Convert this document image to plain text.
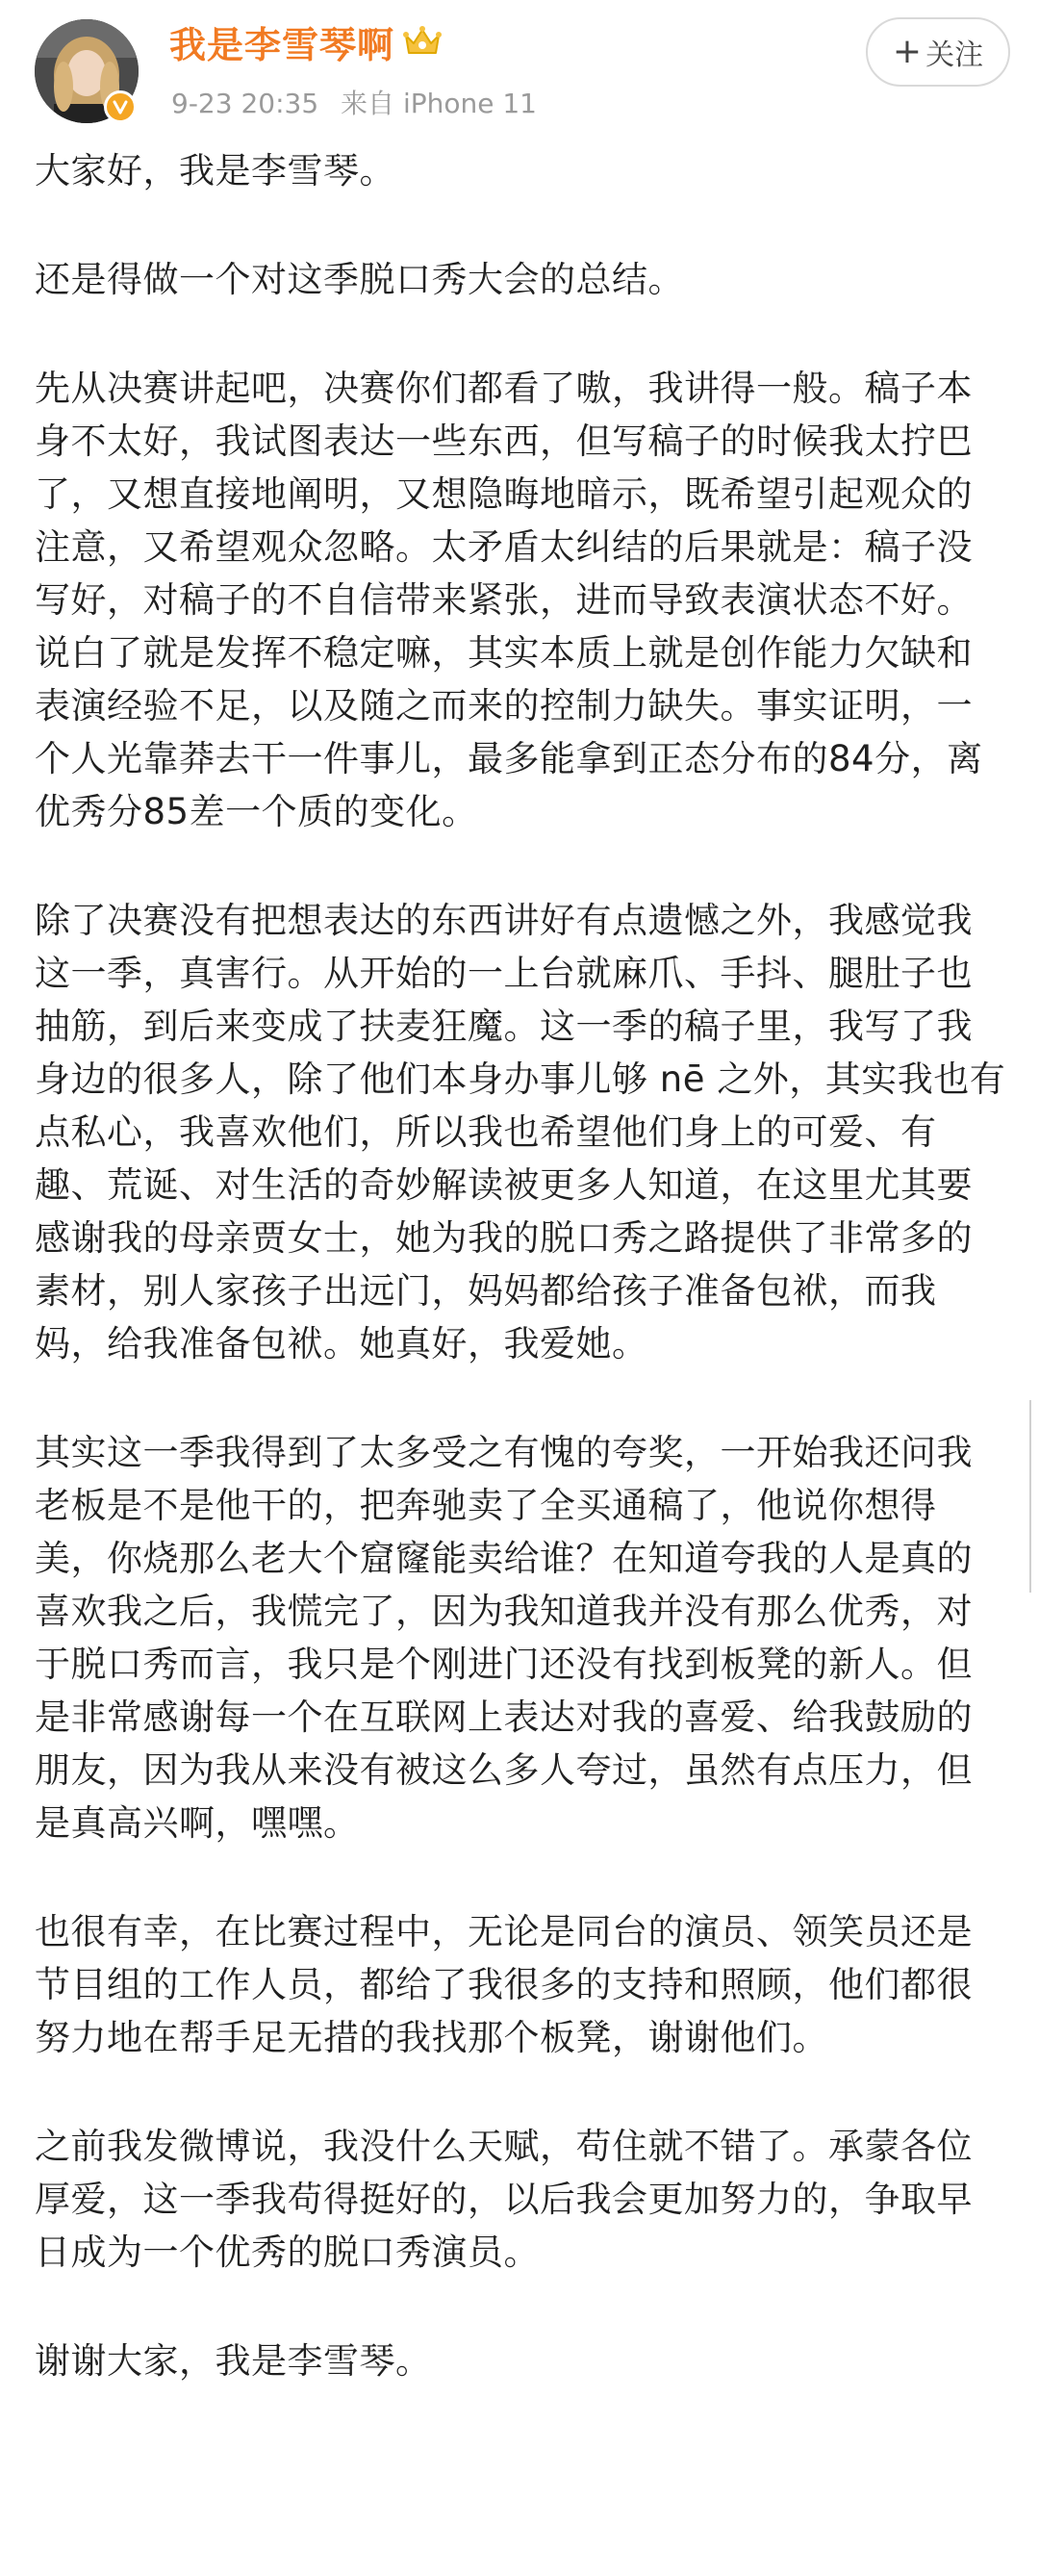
我是李雪琴啊
9-23 20:35 来自 iPhone 11
+ 关注

大家好，我是李雪琴。

还是得做一个对这季脱口秀大会的总结。

先从决赛讲起吧，决赛你们都看了嗷，我讲得一般。稿子本身不太好，我试图表达一些东西，但写稿子的时候我太拧巴了，又想直接地阐明，又想隐晦地暗示，既希望引起观众的注意，又希望观众忽略。太矛盾太纠结的后果就是：稿子没写好，对稿子的不自信带来紧张，进而导致表演状态不好。说白了就是发挥不稳定嘛，其实本质上就是创作能力欠缺和表演经验不足，以及随之而来的控制力缺失。事实证明，一个人光靠莽去干一件事儿，最多能拿到正态分布的84分，离优秀分85差一个质的变化。

除了决赛没有把想表达的东西讲好有点遗憾之外，我感觉我这一季，真害行。从开始的一上台就麻爪、手抖、腿肚子也抽筋，到后来变成了扶麦狂魔。这一季的稿子里，我写了我身边的很多人，除了他们本身办事儿够 nē 之外，其实我也有点私心，我喜欢他们，所以我也希望他们身上的可爱、有趣、荒诞、对生活的奇妙解读被更多人知道，在这里尤其要感谢我的母亲贾女士，她为我的脱口秀之路提供了非常多的素材，别人家孩子出远门，妈妈都给孩子准备包袱，而我妈，给我准备包袱。她真好，我爱她。

其实这一季我得到了太多受之有愧的夸奖，一开始我还问我老板是不是他干的，把奔驰卖了全买通稿了，他说你想得美，你烧那么老大个窟窿能卖给谁？在知道夸我的人是真的喜欢我之后，我慌完了，因为我知道我并没有那么优秀，对于脱口秀而言，我只是个刚进门还没有找到板凳的新人。但是非常感谢每一个在互联网上表达对我的喜爱、给我鼓励的朋友，因为我从来没有被这么多人夸过，虽然有点压力，但是真高兴啊，嘿嘿。

也很有幸，在比赛过程中，无论是同台的演员、领笑员还是节目组的工作人员，都给了我很多的支持和照顾，他们都很努力地在帮手足无措的我找那个板凳，谢谢他们。

之前我发微博说，我没什么天赋，苟住就不错了。承蒙各位厚爱，这一季我苟得挺好的，以后我会更加努力的，争取早日成为一个优秀的脱口秀演员。

谢谢大家，我是李雪琴。
